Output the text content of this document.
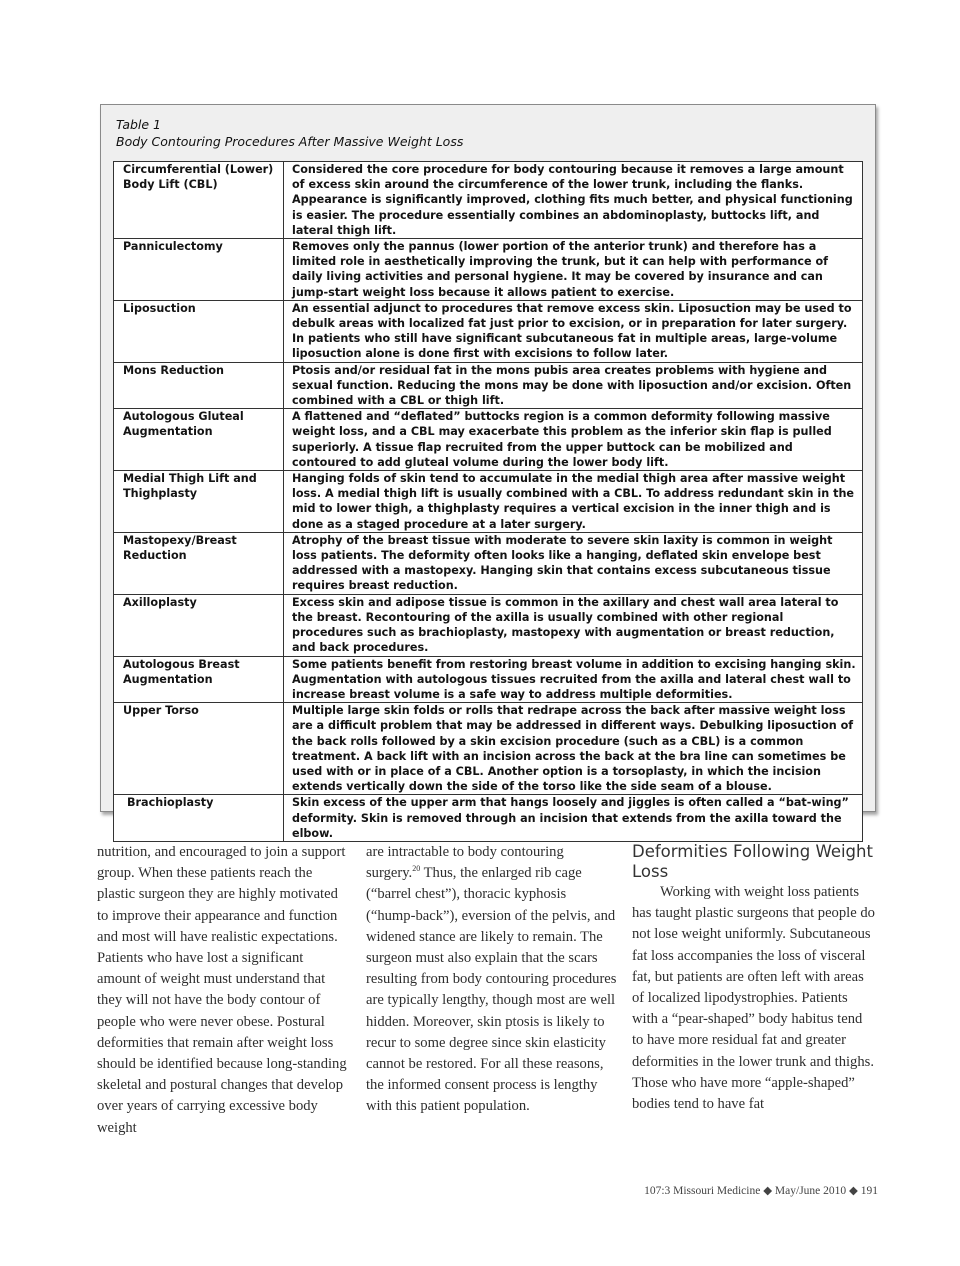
Table 1
Body Contouring Procedures After Massive Weight Loss
Circumferential (Lower) Body Lift (CBL)	Considered the core procedure for body contouring because it removes a large amount of excess skin around the circumference of the lower trunk, including the flanks. Appearance is significantly improved, clothing fits much better, and physical functioning is easier. The procedure essentially combines an abdominoplasty, buttocks lift, and lateral thigh lift.
Panniculectomy	Removes only the pannus (lower portion of the anterior trunk) and therefore has a limited role in aesthetically improving the trunk, but it can help with performance of daily living activities and personal hygiene. It may be covered by insurance and can jump-start weight loss because it allows patient to exercise.
Liposuction	An essential adjunct to procedures that remove excess skin. Liposuction may be used to debulk areas with localized fat just prior to excision, or in preparation for later surgery. In patients who still have significant subcutaneous fat in multiple areas, large-volume liposuction alone is done first with excisions to follow later.
Mons Reduction	Ptosis and/or residual fat in the mons pubis area creates problems with hygiene and sexual function. Reducing the mons may be done with liposuction and/or excision. Often combined with a CBL or thigh lift.
Autologous Gluteal Augmentation	A flattened and “deflated” buttocks region is a common deformity following massive weight loss, and a CBL may exacerbate this problem as the inferior skin flap is pulled superiorly. A tissue flap recruited from the upper buttock can be mobilized and contoured to add gluteal volume during the lower body lift.
Medial Thigh Lift and Thighplasty	Hanging folds of skin tend to accumulate in the medial thigh area after massive weight loss. A medial thigh lift is usually combined with a CBL. To address redundant skin in the mid to lower thigh, a thighplasty requires a vertical excision in the inner thigh and is done as a staged procedure at a later surgery.
Mastopexy/Breast Reduction	Atrophy of the breast tissue with moderate to severe skin laxity is common in weight loss patients. The deformity often looks like a hanging, deflated skin envelope best addressed with a mastopexy. Hanging skin that contains excess subcutaneous tissue requires breast reduction.
Axilloplasty	Excess skin and adipose tissue is common in the axillary and chest wall area lateral to the breast. Recontouring of the axilla is usually combined with other regional procedures such as brachioplasty, mastopexy with augmentation or breast reduction, and back procedures.
Autologous Breast Augmentation	Some patients benefit from restoring breast volume in addition to excising hanging skin. Augmentation with autologous tissues recruited from the axilla and lateral chest wall to increase breast volume is a safe way to address multiple deformities.
Upper Torso	Multiple large skin folds or rolls that redrape across the back after massive weight loss are a difficult problem that may be addressed in different ways. Debulking liposuction of the back rolls followed by a skin excision procedure (such as a CBL) is a common treatment. A back lift with an incision across the back at the bra line can sometimes be used with or in place of a CBL. Another option is a torsoplasty, in which the incision extends vertically down the side of the torso like the side seam of a blouse.
Brachioplasty	Skin excess of the upper arm that hangs loosely and jiggles is often called a “bat-wing” deformity. Skin is removed through an incision that extends from the axilla toward the elbow.

nutrition, and encouraged to join a support group. When these patients reach the plastic surgeon they are highly motivated to improve their appearance and function and most will have realistic expectations. Patients who have lost a significant amount of weight must understand that they will not have the body contour of people who were never obese. Postural deformities that remain after weight loss should be identified because long-standing skeletal and postural changes that develop over years of carrying excessive body weight

are intractable to body contouring surgery.$^{20}$ Thus, the enlarged rib cage (“barrel chest”), thoracic kyphosis (“hump-back”), eversion of the pelvis, and widened stance are likely to remain. The surgeon must also explain that the scars resulting from body contouring procedures are typically lengthy, though most are well hidden. Moreover, skin ptosis is likely to recur to some degree since skin elasticity cannot be restored. For all these reasons, the informed consent process is lengthy with this patient population.

Deformities Following Weight Loss

Working with weight loss patients has taught plastic surgeons that people do not lose weight uniformly. Subcutaneous fat loss accompanies the loss of visceral fat, but patients are often left with areas of localized lipodystrophies. Patients with a “pear-shaped” body habitus tend to have more residual fat and greater deformities in the lower trunk and thighs. Those who have more “apple-shaped” bodies tend to have fat

107:3 Missouri Medicine ◆ May/June 2010 ◆ 191
